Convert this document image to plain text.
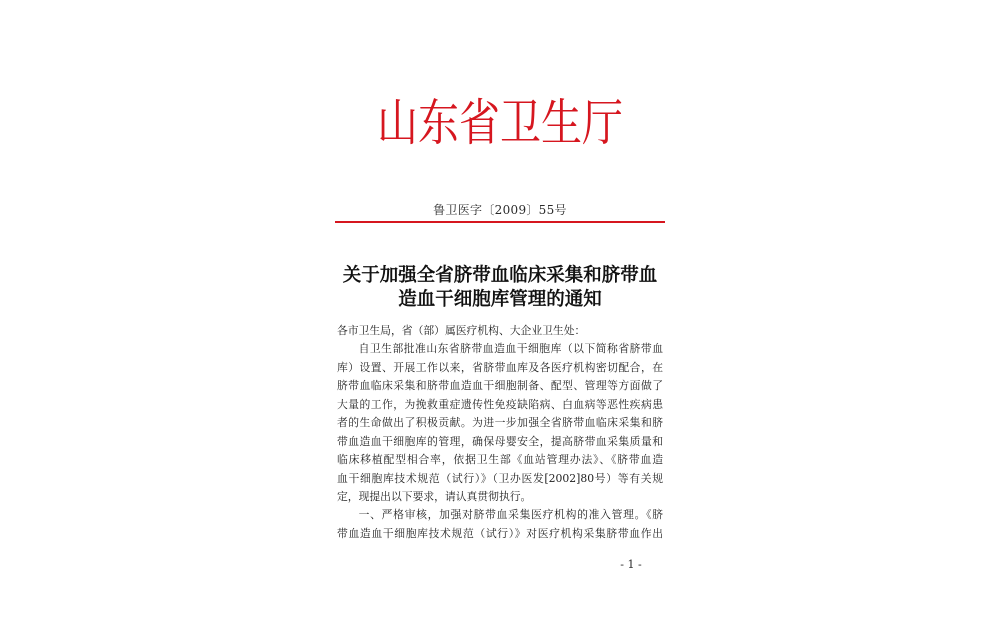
山东省卫生厅
鲁卫医字〔2009〕55号
关于加强全省脐带血临床采集和脐带血
造血干细胞库管理的通知
各市卫生局，省（部）属医疗机构、大企业卫生处：
自卫生部批准山东省脐带血造血干细胞库（以下简称省脐带血
库）设置、开展工作以来，省脐带血库及各医疗机构密切配合，在
脐带血临床采集和脐带血造血干细胞制备、配型、管理等方面做了
大量的工作，为挽救重症遗传性免疫缺陷病、白血病等恶性疾病患
者的生命做出了积极贡献。为进一步加强全省脐带血临床采集和脐
带血造血干细胞库的管理，确保母婴安全，提高脐带血采集质量和
临床移植配型相合率，依据卫生部《血站管理办法》、《脐带血造
血干细胞库技术规范（试行）》（卫办医发[2002]80号）等有关规
定，现提出以下要求，请认真贯彻执行。
一、严格审核，加强对脐带血采集医疗机构的准入管理。《脐
带血造血干细胞库技术规范（试行）》对医疗机构采集脐带血作出
- 1 -
